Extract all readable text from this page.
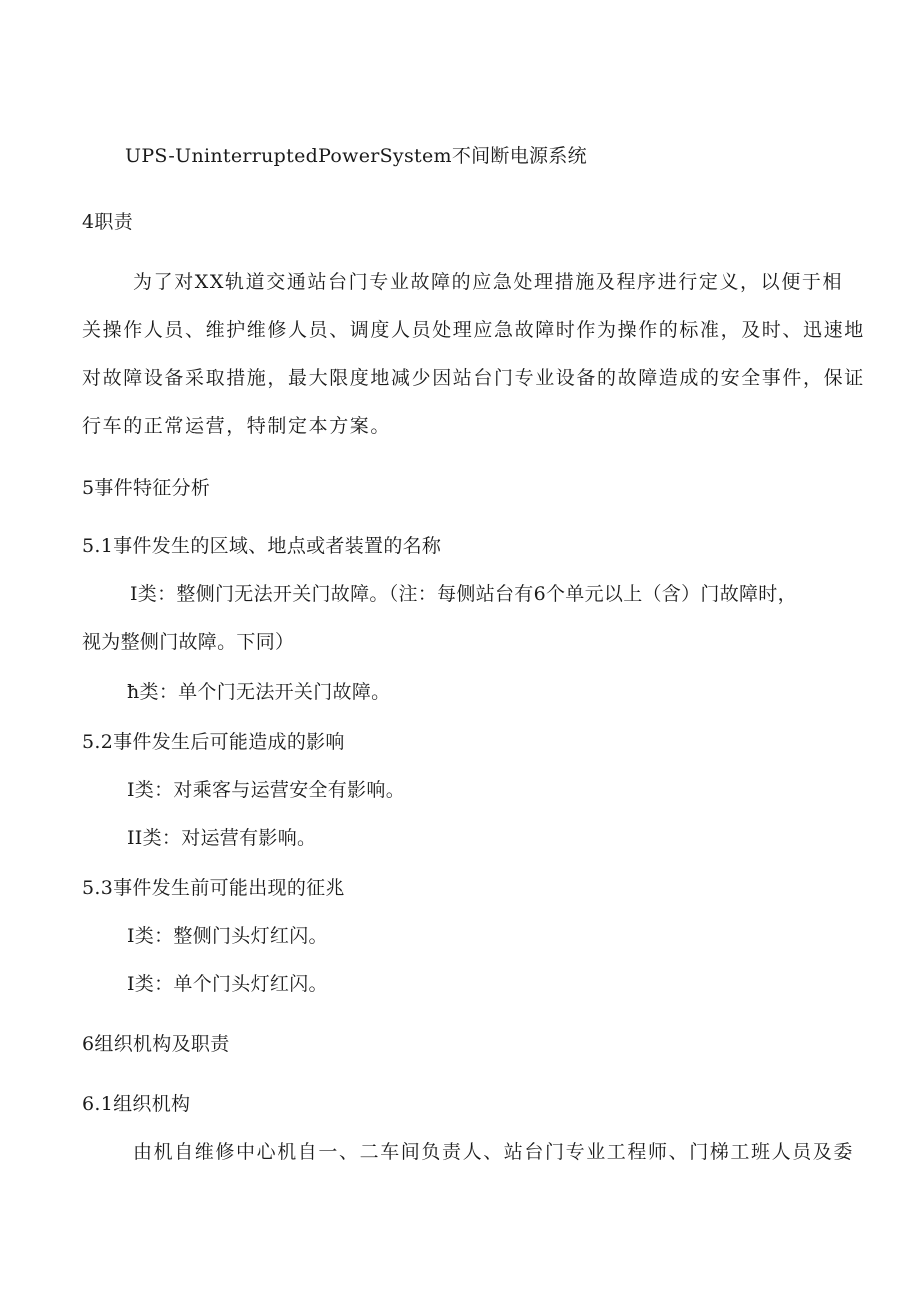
UPS-UninterruptedPowerSystem不间断电源系统
4职责
为了对XX轨道交通站台门专业故障的应急处理措施及程序进行定义，以便于相
关操作人员、维护维修人员、调度人员处理应急故障时作为操作的标准，及时、迅速地
对故障设备采取措施，最大限度地减少因站台门专业设备的故障造成的安全事件，保证
行车的正常运营，特制定本方案。
5事件特征分析
5.1事件发生的区域、地点或者装置的名称
I类：整侧门无法开关门故障。（注：每侧站台有6个单元以上（含）门故障时，
视为整侧门故障。下同）
ħ类：单个门无法开关门故障。
5.2事件发生后可能造成的影响
I类：对乘客与运营安全有影响。
II类：对运营有影响。
5.3事件发生前可能出现的征兆
I类：整侧门头灯红闪。
I类：单个门头灯红闪。
6组织机构及职责
6.1组织机构
由机自维修中心机自一、二车间负责人、站台门专业工程师、门梯工班人员及委
